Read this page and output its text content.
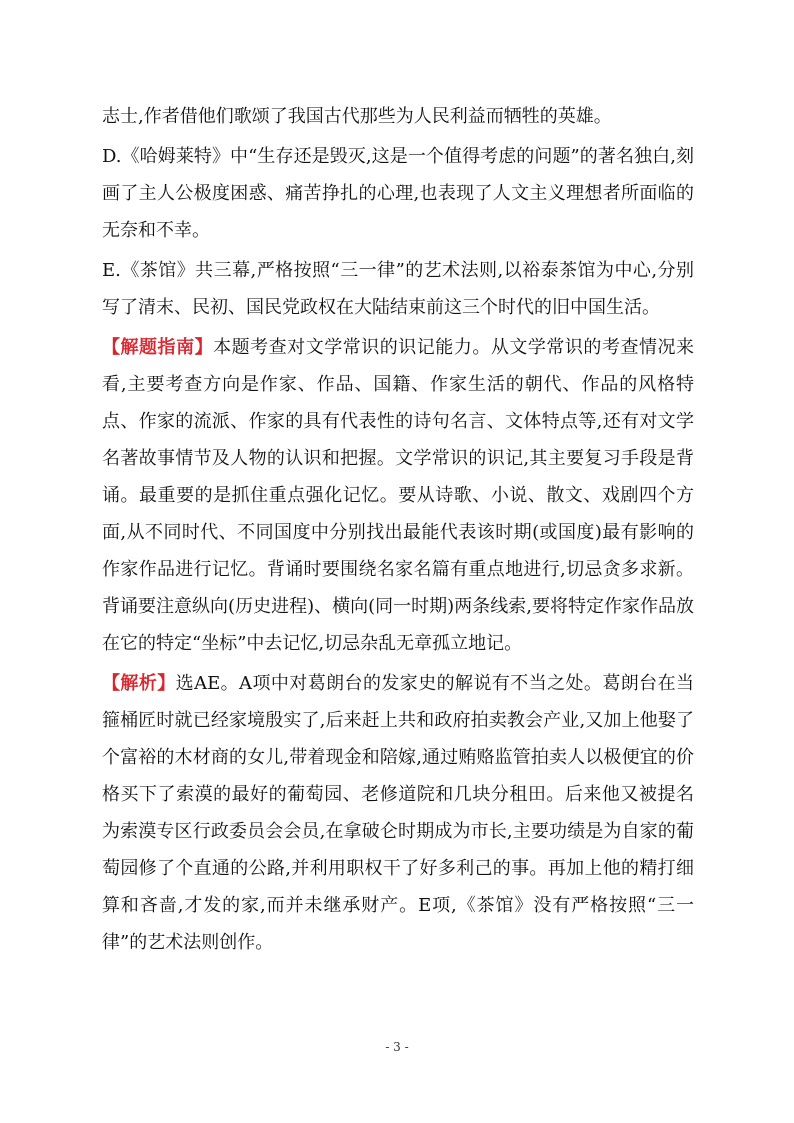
志士,作者借他们歌颂了我国古代那些为人民利益而牺牲的英雄。

D.《哈姆莱特》中“生存还是毁灭,这是一个值得考虑的问题”的著名独白,刻画了主人公极度困惑、痛苦挣扎的心理,也表现了人文主义理想者所面临的无奈和不幸。

E.《茶馆》共三幕,严格按照“三一律”的艺术法则,以裕泰茶馆为中心,分别写了清末、民初、国民党政权在大陆结束前这三个时代的旧中国生活。

【解题指南】本题考查对文学常识的识记能力。从文学常识的考查情况来看,主要考查方向是作家、作品、国籍、作家生活的朝代、作品的风格特点、作家的流派、作家的具有代表性的诗句名言、文体特点等,还有对文学名著故事情节及人物的认识和把握。文学常识的识记,其主要复习手段是背诵。最重要的是抓住重点强化记忆。要从诗歌、小说、散文、戏剧四个方面,从不同时代、不同国度中分别找出最能代表该时期(或国度)最有影响的作家作品进行记忆。背诵时要围绕名家名篇有重点地进行,切忌贪多求新。背诵要注意纵向(历史进程)、横向(同一时期)两条线索,要将特定作家作品放在它的特定“坐标”中去记忆,切忌杂乱无章孤立地记。

【解析】选AE。A项中对葛朗台的发家史的解说有不当之处。葛朗台在当箍桶匠时就已经家境殷实了,后来赶上共和政府拍卖教会产业,又加上他娶了个富裕的木材商的女儿,带着现金和陪嫁,通过贿赂监管拍卖人以极便宜的价格买下了索漠的最好的葡萄园、老修道院和几块分租田。后来他又被提名为索漠专区行政委员会会员,在拿破仑时期成为市长,主要功绩是为自家的葡萄园修了个直通的公路,并利用职权干了好多利己的事。再加上他的精打细算和吝啬,才发的家,而并未继承财产。E项,《茶馆》没有严格按照“三一律”的艺术法则创作。

- 3 -
